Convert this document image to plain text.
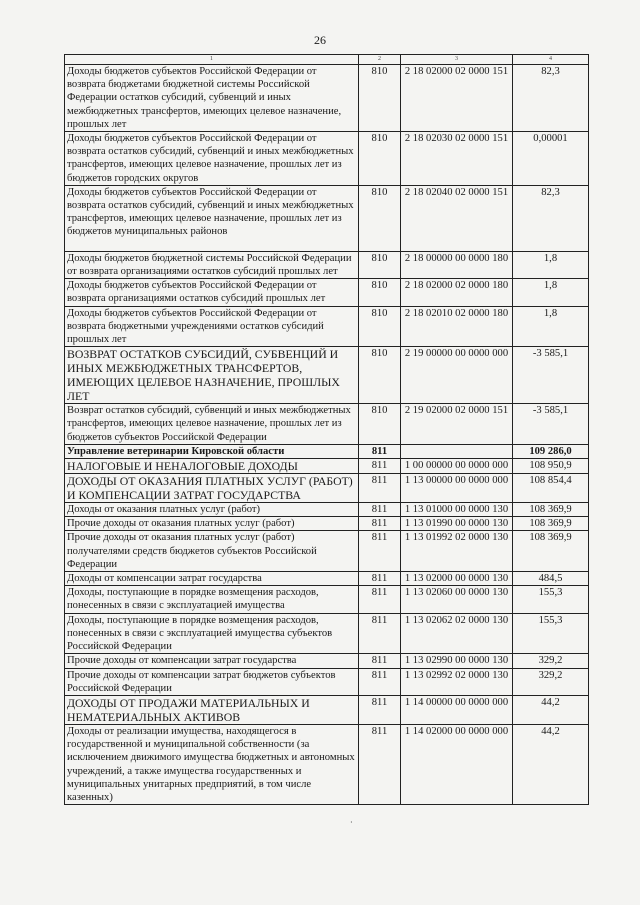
26
1	2	3	4
Доходы бюджетов субъектов Российской Федерации от возврата бюджетами бюджетной системы Российской Федерации остатков субсидий, субвенций и иных межбюджетных трансфертов, имеющих целевое назначение, прошлых лет	810	2 18 02000 02 0000 151	82,3
Доходы бюджетов субъектов Российской Федерации от возврата остатков субсидий, субвенций и иных межбюджетных трансфертов, имеющих целевое назначение, прошлых лет из бюджетов городских округов	810	2 18 02030 02 0000 151	0,00001
Доходы бюджетов субъектов Российской Федерации от возврата остатков субсидий, субвенций и иных межбюджетных трансфертов, имеющих целевое назначение, прошлых лет из бюджетов муниципальных районов	810	2 18 02040 02 0000 151	82,3
Доходы бюджетов бюджетной системы Российской Федерации от возврата организациями остатков субсидий прошлых лет	810	2 18 00000 00 0000 180	1,8
Доходы бюджетов субъектов Российской Федерации от возврата организациями остатков субсидий прошлых лет	810	2 18 02000 02 0000 180	1,8
Доходы бюджетов субъектов Российской Федерации от возврата бюджетными учреждениями остатков субсидий прошлых лет	810	2 18 02010 02 0000 180	1,8
ВОЗВРАТ ОСТАТКОВ СУБСИДИЙ, СУБВЕНЦИЙ И ИНЫХ МЕЖБЮДЖЕТНЫХ ТРАНСФЕРТОВ, ИМЕЮЩИХ ЦЕЛЕВОЕ НАЗНАЧЕНИЕ, ПРОШЛЫХ ЛЕТ	810	2 19 00000 00 0000 000	-3 585,1
Возврат остатков субсидий, субвенций и иных межбюджетных трансфертов, имеющих целевое назначение, прошлых лет из бюджетов субъектов Российской Федерации	810	2 19 02000 02 0000 151	-3 585,1
Управление ветеринарии Кировской области	811		109 286,0
НАЛОГОВЫЕ И НЕНАЛОГОВЫЕ ДОХОДЫ	811	1 00 00000 00 0000 000	108 950,9
ДОХОДЫ ОТ ОКАЗАНИЯ ПЛАТНЫХ УСЛУГ (РАБОТ) И КОМПЕНСАЦИИ ЗАТРАТ ГОСУДАРСТВА	811	1 13 00000 00 0000 000	108 854,4
Доходы от оказания платных услуг (работ)	811	1 13 01000 00 0000 130	108 369,9
Прочие доходы от оказания платных услуг (работ)	811	1 13 01990 00 0000 130	108 369,9
Прочие доходы от оказания платных услуг (работ) получателями средств бюджетов субъектов Российской Федерации	811	1 13 01992 02 0000 130	108 369,9
Доходы от компенсации затрат государства	811	1 13 02000 00 0000 130	484,5
Доходы, поступающие в порядке возмещения расходов, понесенных в связи с эксплуатацией имущества	811	1 13 02060 00 0000 130	155,3
Доходы, поступающие в порядке возмещения расходов, понесенных в связи с эксплуатацией имущества субъектов Российской Федерации	811	1 13 02062 02 0000 130	155,3
Прочие доходы от компенсации затрат государства	811	1 13 02990 00 0000 130	329,2
Прочие доходы от компенсации затрат бюджетов субъектов Российской Федерации	811	1 13 02992 02 0000 130	329,2
ДОХОДЫ ОТ ПРОДАЖИ МАТЕРИАЛЬНЫХ И НЕМАТЕРИАЛЬНЫХ АКТИВОВ	811	1 14 00000 00 0000 000	44,2
Доходы от реализации имущества, находящегося в государственной и муниципальной собственности (за исключением движимого имущества бюджетных и автономных учреждений, а также имущества государственных и муниципальных унитарных предприятий, в том числе казенных)	811	1 14 02000 00 0000 000	44,2
·
